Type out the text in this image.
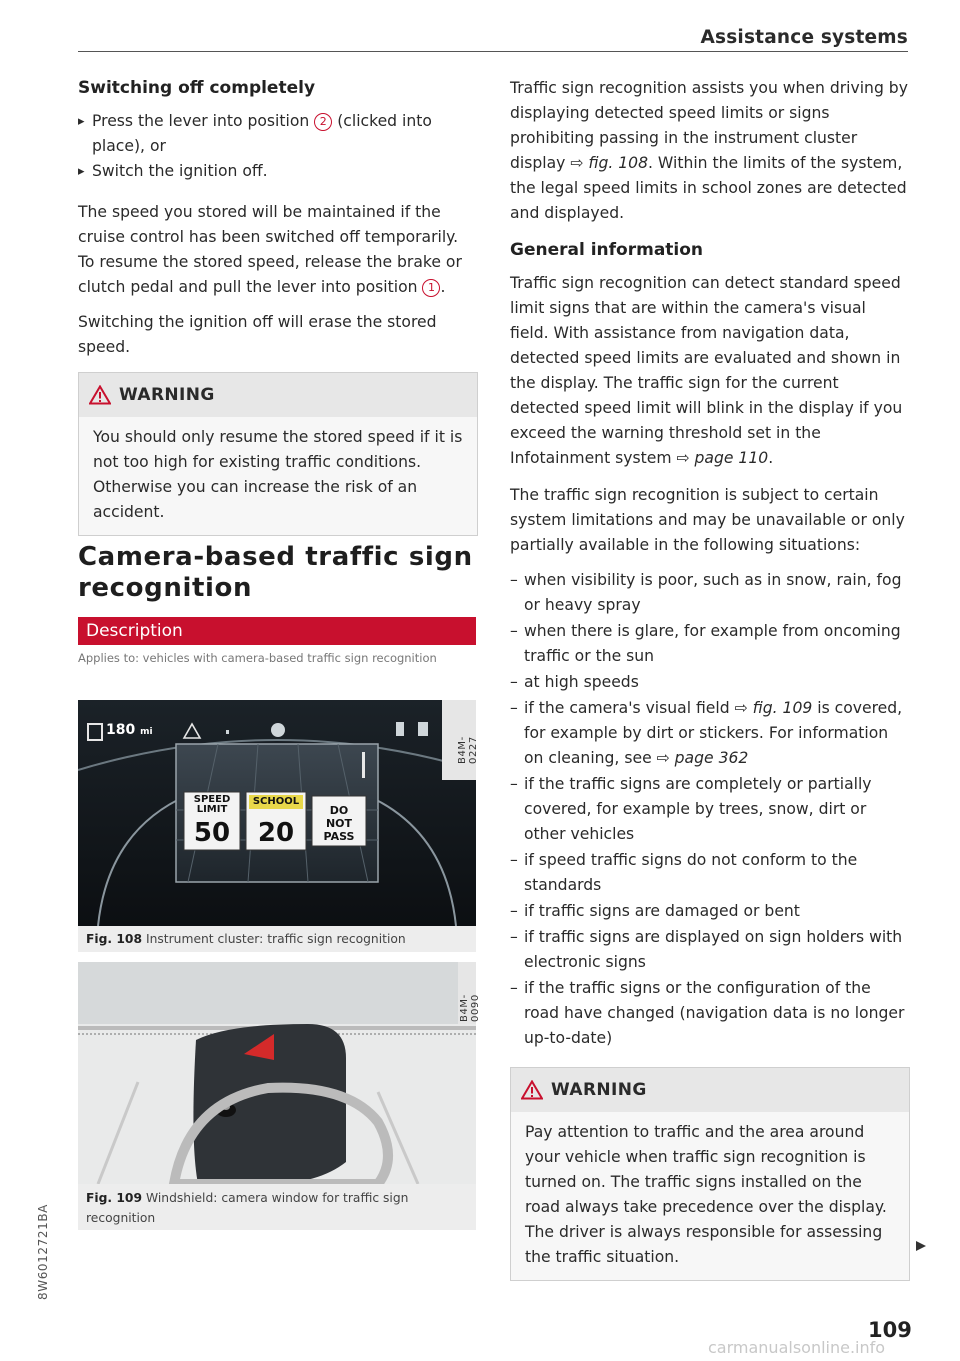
Assistance systems

Switching off completely

▸ Press the lever into position 2 (clicked into place), or

▸ Switch the ignition off.

The speed you stored will be maintained if the cruise control has been switched off temporarily. To resume the stored speed, release the brake or clutch pedal and pull the lever into position 1 .

Switching the ignition off will erase the stored speed.

WARNING
You should only resume the stored speed if it is not too high for existing traffic conditions. Otherwise you can increase the risk of an accident.
Camera-based traffic sign recognition
Description
Applies to: vehicles with camera-based traffic sign recognition
180 mi
SPEED LIMIT
50
SCHOOL
20
DO NOT PASS
B4M-0227
Fig. 108 Instrument cluster: traffic sign recognition
B4M-0090
Fig. 109 Windshield: camera window for traffic sign recognition

Traffic sign recognition assists you when driving by displaying detected speed limits or signs prohibiting passing in the instrument cluster display ⇨ fig. 108. Within the limits of the system, the legal speed limits in school zones are detected and displayed.

General information

Traffic sign recognition can detect standard speed limit signs that are within the camera's visual field. With assistance from navigation data, detected speed limits are evaluated and shown in the display. The traffic sign for the current detected speed limit will blink in the display if you exceed the warning threshold set in the Infotainment system ⇨ page 110.

The traffic sign recognition is subject to certain system limitations and may be unavailable or only partially available in the following situations:

– when visibility is poor, such as in snow, rain, fog or heavy spray

– when there is glare, for example from oncoming traffic or the sun

– at high speeds

– if the camera's visual field ⇨ fig. 109 is covered, for example by dirt or stickers. For information on cleaning, see ⇨ page 362

– if the traffic signs are completely or partially covered, for example by trees, snow, dirt or other vehicles

– if speed traffic signs do not conform to the standards

– if traffic signs are damaged or bent

– if traffic signs are displayed on sign holders with electronic signs

– if the traffic signs or the configuration of the road have changed (navigation data is no longer up-to-date)

WARNING
Pay attention to traffic and the area around your vehicle when traffic sign recognition is turned on. The traffic signs installed on the road always take precedence over the display. The driver is always responsible for assessing the traffic situation.
109
8W6012721BA
carmanualsonline.info
